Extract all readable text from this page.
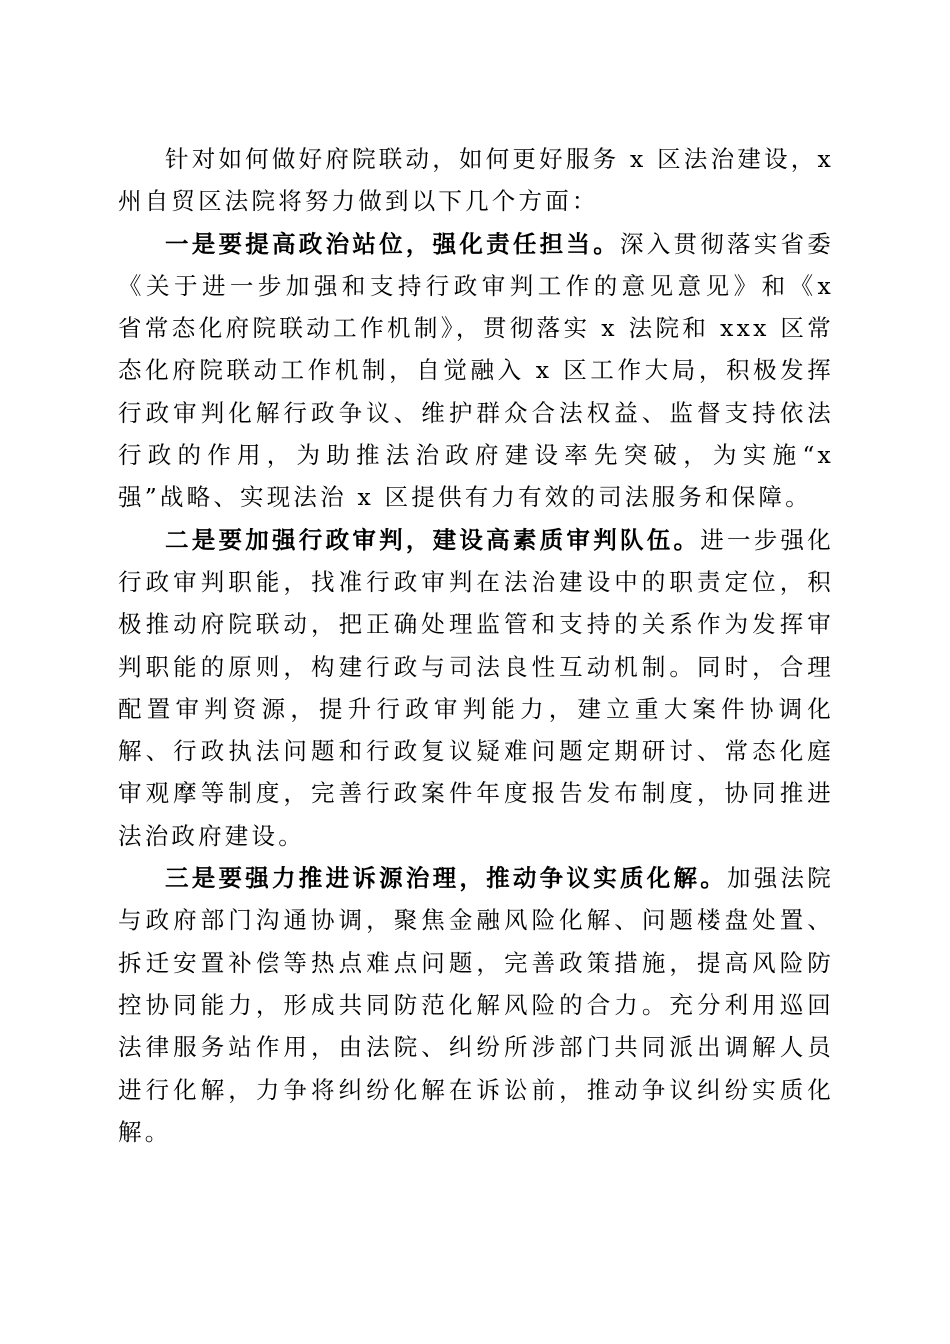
针对如何做好府院联动，如何更好服务 x 区法治建设，x 州自贸区法院将努力做到以下几个方面：

一是要提高政治站位，强化责任担当。深入贯彻落实省委《关于进一步加强和支持行政审判工作的意见意见》和《x 省常态化府院联动工作机制》，贯彻落实 x 法院和 xxx 区常态化府院联动工作机制，自觉融入 x 区工作大局，积极发挥行政审判化解行政争议、维护群众合法权益、监督支持依法行政的作用，为助推法治政府建设率先突破，为实施“x 强”战略、实现法治 x 区提供有力有效的司法服务和保障。

二是要加强行政审判，建设高素质审判队伍。进一步强化行政审判职能，找准行政审判在法治建设中的职责定位，积极推动府院联动，把正确处理监管和支持的关系作为发挥审判职能的原则，构建行政与司法良性互动机制。同时，合理配置审判资源，提升行政审判能力，建立重大案件协调化解、行政执法问题和行政复议疑难问题定期研讨、常态化庭审观摩等制度，完善行政案件年度报告发布制度，协同推进法治政府建设。

三是要强力推进诉源治理，推动争议实质化解。加强法院与政府部门沟通协调，聚焦金融风险化解、问题楼盘处置、拆迁安置补偿等热点难点问题，完善政策措施，提高风险防控协同能力，形成共同防范化解风险的合力。充分利用巡回法律服务站作用，由法院、纠纷所涉部门共同派出调解人员进行化解，力争将纠纷化解在诉讼前，推动争议纠纷实质化解。
